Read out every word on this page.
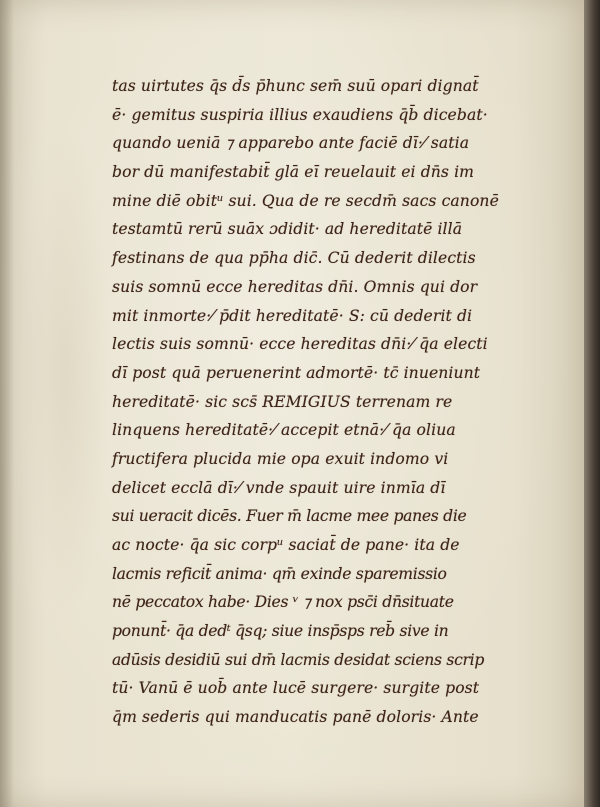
tas uirtutes q̄s d̄s p̄hunc sem̄ suū opari dignat̄
ē· gemitus suspiria illius exaudiens q̄b̄ dicebat·
quando ueniā ⁊ apparebo ante faciē dī·⁄ satia
bor dū manifestabit̄ glā eī reuelauit ei dn̄s im
mine diē obitᵘ sui. Qua de re secdm̄ sacs canonē
testamtū rerū suāx ɔdidit· ad hereditatē illā
festinans de qua pp̄ha dic̄. Cū dederit dilectis
suis somnū ecce hereditas dn̄i. Omnis qui dor
mit inmorte·⁄ p̄dit hereditatē· S: cū dederit di
lectis suis somnū· ecce hereditas dn̄i·⁄ q̄a electi
dī post quā peruenerint admortē· tc̄ inueniunt
hereditatē· sic scs̄ REMIGIUS terrenam re
linquens hereditatē·⁄ accepit etnā·⁄ q̄a oliua
fructifera plucida mie opa exuit indomo vi
delicet ecclā dī·⁄ vnde spauit uire inmīa dī
sui ueracit dicēs. Fuer m̄ lacme mee panes die
ac nocte· q̄a sic corpᵘ saciat̄ de pane· ita de
lacmis reficit̄ anima· qm̄ exinde sparemissio
nē peccatox habe· Dies ᵛ ⁊ nox psc̄i dn̄situate
ponunt̄· q̄a dedᵗ q̄sq; siue insp̄sps reb̄ sive in
adūsis desidiū sui dm̄ lacmis desidat sciens scrip
tū· Vanū ē uob̄ ante lucē surgere· surgite post
q̄m sederis qui manducatis panē doloris· Ante
